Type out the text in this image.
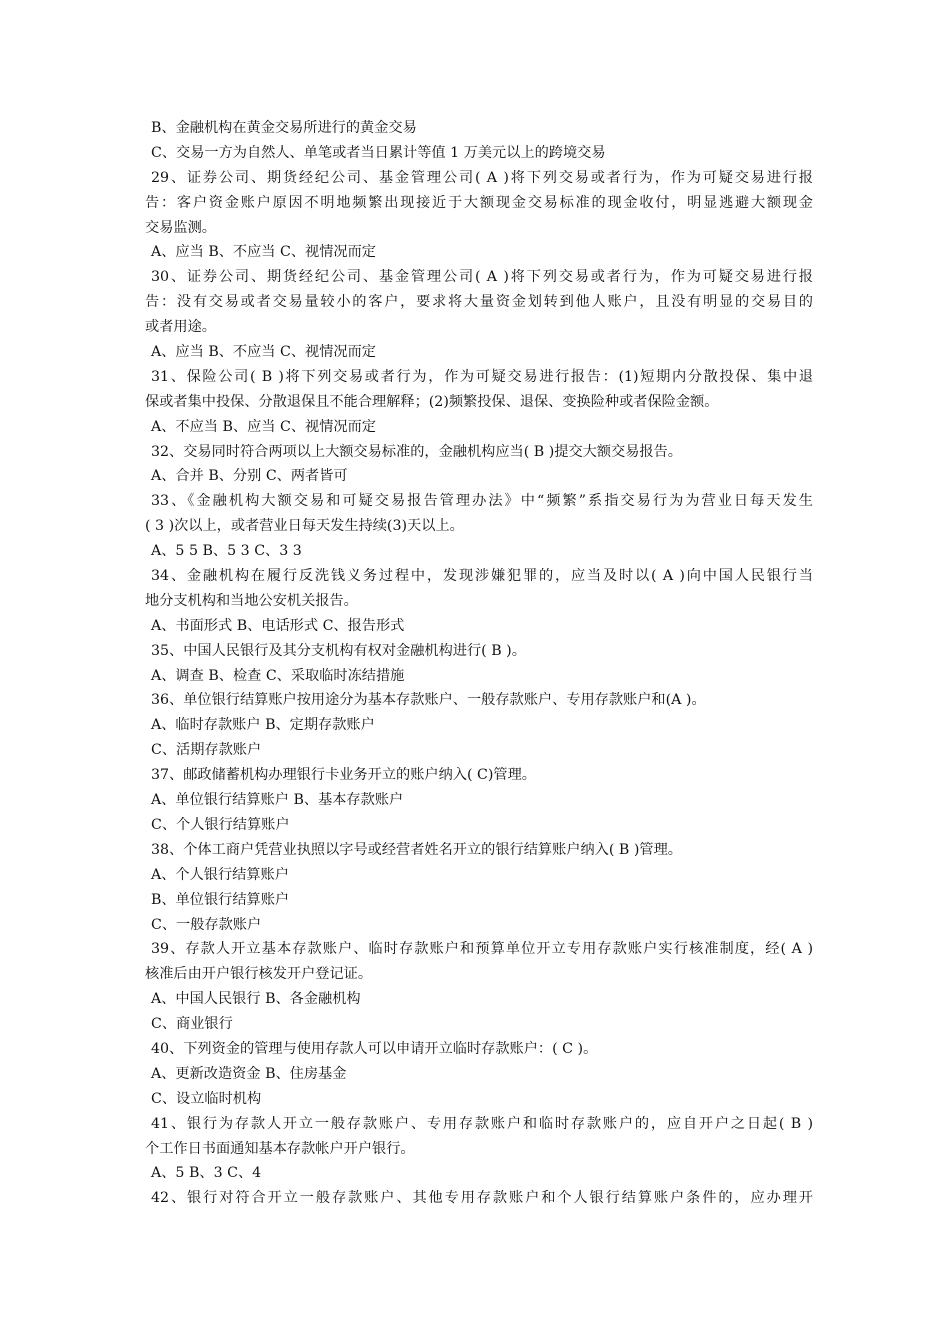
B、金融机构在黄金交易所进行的黄金交易
C、交易一方为自然人、单笔或者当日累计等值 1 万美元以上的跨境交易
29、证券公司、期货经纪公司、基金管理公司( A )将下列交易或者行为，作为可疑交易进行报
告：客户资金账户原因不明地频繁出现接近于大额现金交易标准的现金收付，明显逃避大额现金
交易监测。
A、应当 B、不应当 C、视情况而定
30、证券公司、期货经纪公司、基金管理公司( A )将下列交易或者行为，作为可疑交易进行报
告：没有交易或者交易量较小的客户，要求将大量资金划转到他人账户，且没有明显的交易目的
或者用途。
A、应当 B、不应当 C、视情况而定
31、保险公司( B )将下列交易或者行为，作为可疑交易进行报告：(1)短期内分散投保、集中退
保或者集中投保、分散退保且不能合理解释；(2)频繁投保、退保、变换险种或者保险金额。
A、不应当 B、应当 C、视情况而定
32、交易同时符合两项以上大额交易标准的，金融机构应当( B )提交大额交易报告。
A、合并 B、分别 C、两者皆可
33、《金融机构大额交易和可疑交易报告管理办法》中“频繁”系指交易行为为营业日每天发生
( 3 )次以上，或者营业日每天发生持续(3)天以上。
A、5 5 B、5 3 C、3 3
34、金融机构在履行反洗钱义务过程中，发现涉嫌犯罪的，应当及时以( A )向中国人民银行当
地分支机构和当地公安机关报告。
A、书面形式 B、电话形式 C、报告形式
35、中国人民银行及其分支机构有权对金融机构进行( B )。
A、调查 B、检查 C、采取临时冻结措施
36、单位银行结算账户按用途分为基本存款账户、一般存款账户、专用存款账户和(A )。
A、临时存款账户 B、定期存款账户
C、活期存款账户
37、邮政储蓄机构办理银行卡业务开立的账户纳入( C)管理。
A、单位银行结算账户 B、基本存款账户
C、个人银行结算账户
38、个体工商户凭营业执照以字号或经营者姓名开立的银行结算账户纳入( B )管理。
A、个人银行结算账户
B、单位银行结算账户
C、一般存款账户
39、存款人开立基本存款账户、临时存款账户和预算单位开立专用存款账户实行核准制度，经( A )
核准后由开户银行核发开户登记证。
A、中国人民银行 B、各金融机构
C、商业银行
40、下列资金的管理与使用存款人可以申请开立临时存款账户：( C )。
A、更新改造资金 B、住房基金
C、设立临时机构
41、银行为存款人开立一般存款账户、专用存款账户和临时存款账户的，应自开户之日起( B )
个工作日书面通知基本存款帐户开户银行。
A、5 B、3 C、4
42、银行对符合开立一般存款账户、其他专用存款账户和个人银行结算账户条件的，应办理开
